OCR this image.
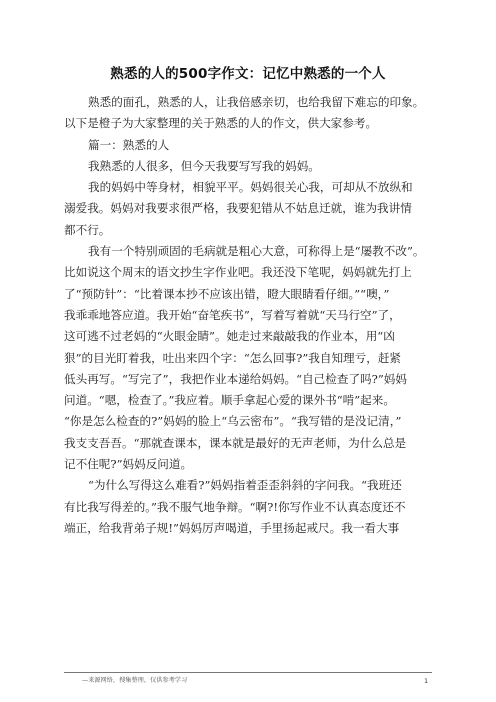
熟悉的人的500字作文：记忆中熟悉的一个人
熟悉的面孔，熟悉的人，让我倍感亲切，也给我留下难忘的印象。
以下是橙子为大家整理的关于熟悉的人的作文，供大家参考。
篇一：熟悉的人
我熟悉的人很多，但今天我要写写我的妈妈。
我的妈妈中等身材，相貌平平。妈妈很关心我，可却从不放纵和
溺爱我。妈妈对我要求很严格，我要犯错从不姑息迁就，谁为我讲情
都不行。
我有一个特别顽固的毛病就是粗心大意，可称得上是“屡教不改”。
比如说这个周末的语文抄生字作业吧。我还没下笔呢，妈妈就先打上
了“预防针”：“比着课本抄不应该出错，瞪大眼睛看仔细。”“噢，”
我乖乖地答应道。我开始“奋笔疾书”，写着写着就“天马行空”了，
这可逃不过老妈的“火眼金睛”。她走过来敲敲我的作业本，用“凶
狠”的目光盯着我，吐出来四个字：“怎么回事?”我自知理亏，赶紧
低头再写。“写完了”，我把作业本递给妈妈。“自己检查了吗?”妈妈
问道。“嗯，检查了。”我应着。顺手拿起心爱的课外书“啃”起来。
“你是怎么检查的?”妈妈的脸上“乌云密布”。“我写错的是没记清，”
我支支吾吾。“那就查课本，课本就是最好的无声老师，为什么总是
记不住呢?”妈妈反问道。
“为什么写得这么难看?”妈妈指着歪歪斜斜的字问我。“我班还
有比我写得差的。”我不服气地争辩。“啊?!你写作业不认真态度还不
端正，给我背弟子规!”妈妈厉声喝道，手里扬起戒尺。我一看大事
—来源网络，搜集整理，仅供参考学习	1
